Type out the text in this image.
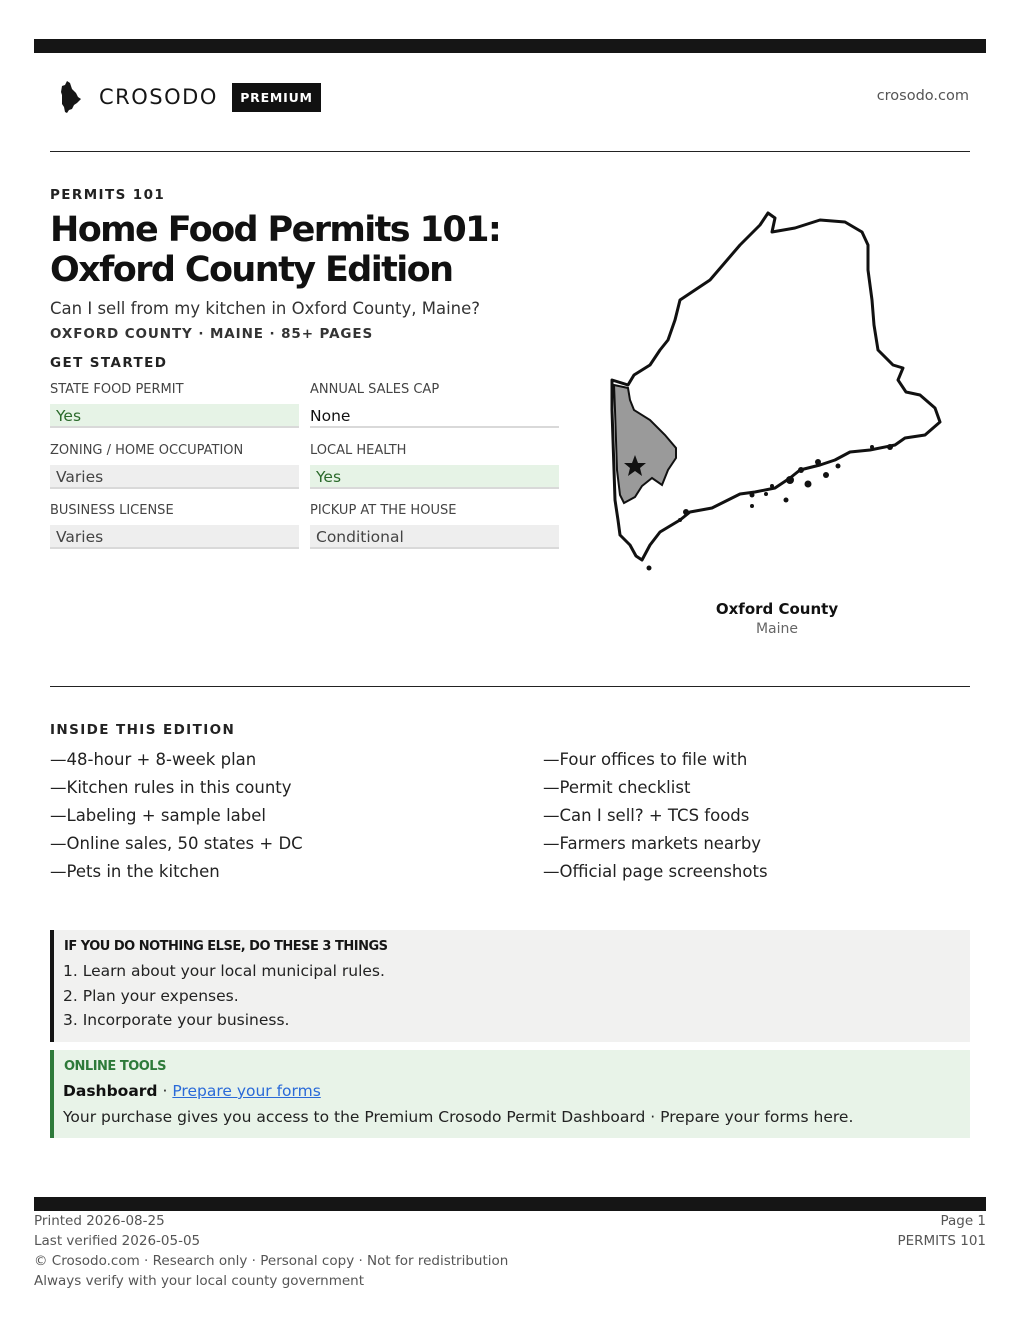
CROSODO	PREMIUM	crosodo.com
PERMITS 101
Home Food Permits 101: Oxford County Edition
Can I sell from my kitchen in Oxford County, Maine?
OXFORD COUNTY · MAINE · 85+ PAGES
GET STARTED
STATE FOOD PERMIT
Yes
ANNUAL SALES CAP
None
ZONING / HOME OCCUPATION
Varies
LOCAL HEALTH
Yes
BUSINESS LICENSE
Varies
PICKUP AT THE HOUSE
Conditional
Oxford County
Maine
INSIDE THIS EDITION
—48-hour + 8-week plan
—Kitchen rules in this county
—Labeling + sample label
—Online sales, 50 states + DC
—Pets in the kitchen
—Four offices to file with
—Permit checklist
—Can I sell? + TCS foods
—Farmers markets nearby
—Official page screenshots
IF YOU DO NOTHING ELSE, DO THESE 3 THINGS
1. Learn about your local municipal rules.
2. Plan your expenses.
3. Incorporate your business.
ONLINE TOOLS
Dashboard · Prepare your forms
Your purchase gives you access to the Premium Crosodo Permit Dashboard · Prepare your forms here.
Printed 2026-08-25
Last verified 2026-05-05
© Crosodo.com · Research only · Personal copy · Not for redistribution
Always verify with your local county government
Page 1
PERMITS 101
